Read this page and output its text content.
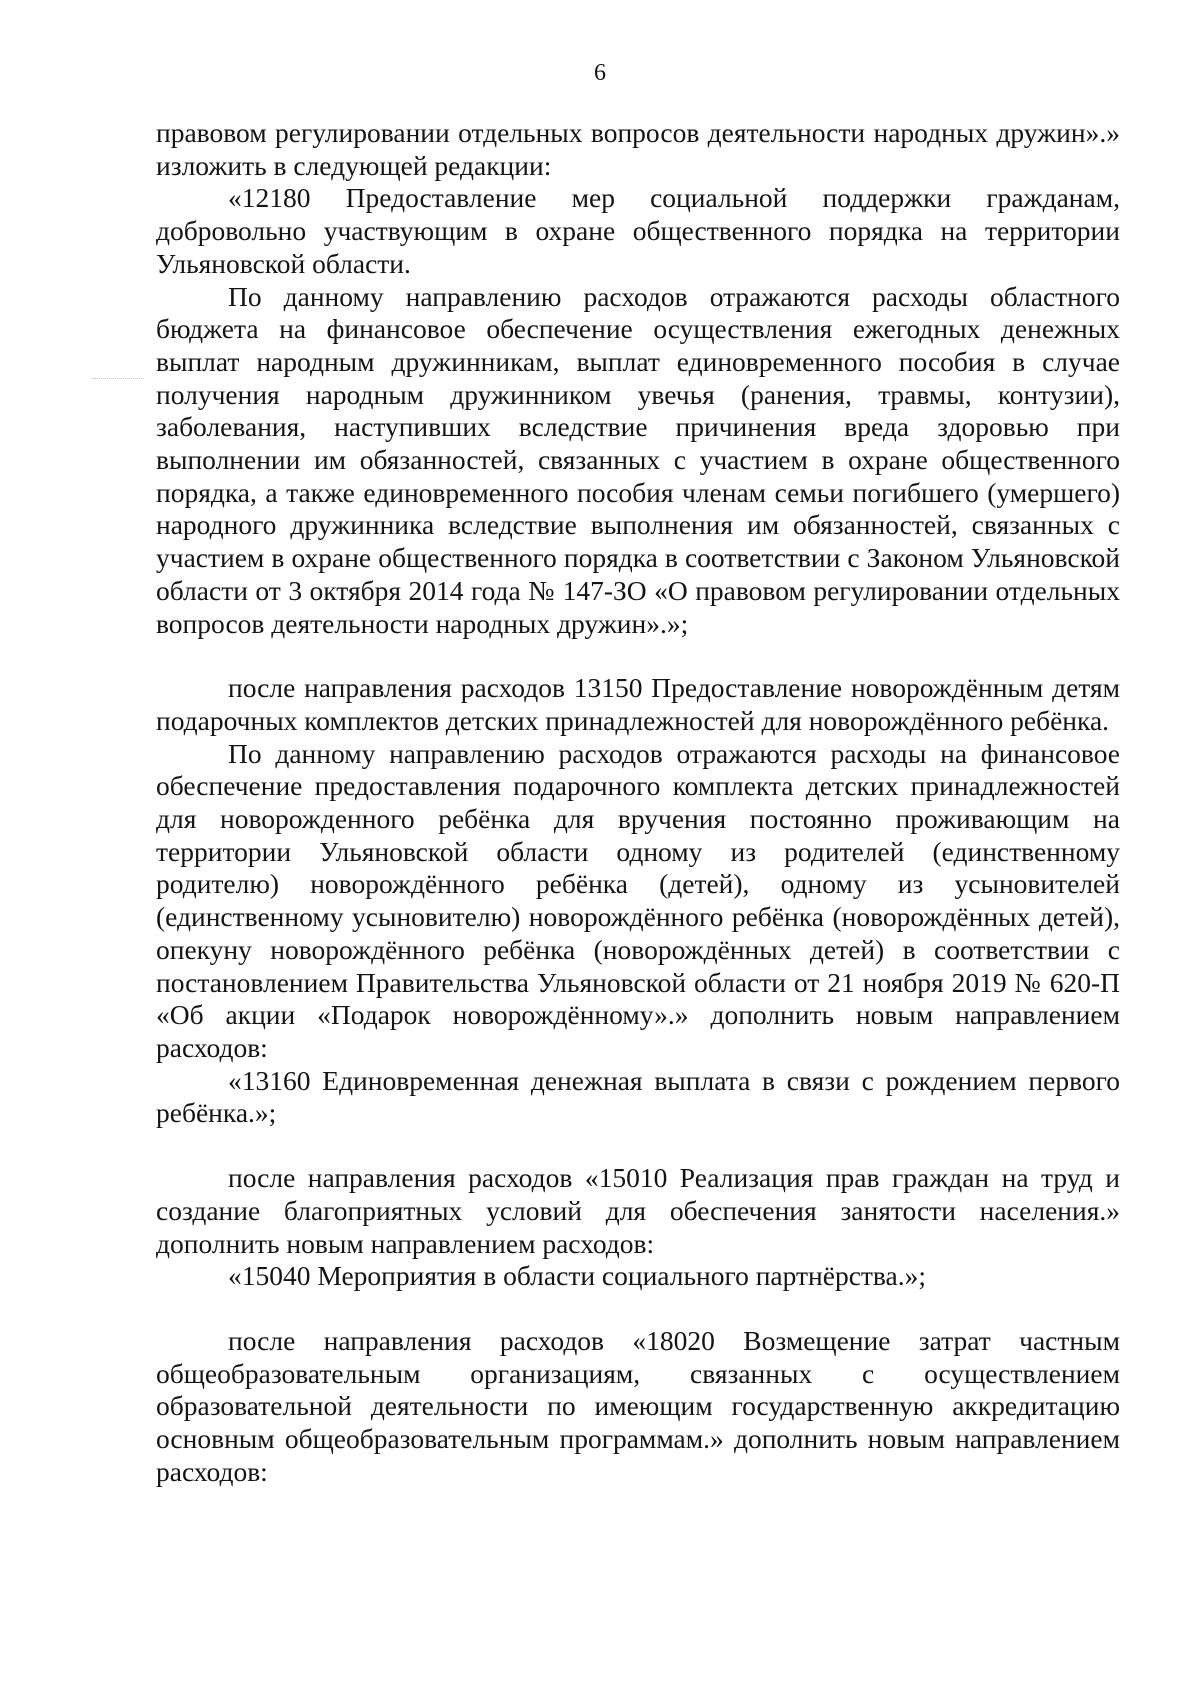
6

правовом регулировании отдельных вопросов деятельности народных дружин».» изложить в следующей редакции:

«12180 Предоставление мер социальной поддержки гражданам, добровольно участвующим в охране общественного порядка на территории Ульяновской области.

По данному направлению расходов отражаются расходы областного бюджета на финансовое обеспечение осуществления ежегодных денежных выплат народным дружинникам, выплат единовременного пособия в случае получения народным дружинником увечья (ранения, травмы, контузии), заболевания, наступивших вследствие причинения вреда здоровью при выполнении им обязанностей, связанных с участием в охране общественного порядка, а также единовременного пособия членам семьи погибшего (умершего) народного дружинника вследствие выполнения им обязанностей, связанных с участием в охране общественного порядка в соответствии с Законом Ульяновской области от 3 октября 2014 года № 147-ЗО «О правовом регулировании отдельных вопросов деятельности народных дружин».»;

после направления расходов 13150 Предоставление новорождённым детям подарочных комплектов детских принадлежностей для новорождённого ребёнка.

По данному направлению расходов отражаются расходы на финансовое обеспечение предоставления подарочного комплекта детских принадлежностей для новорожденного ребёнка для вручения постоянно проживающим на территории Ульяновской области одному из родителей (единственному родителю) новорождённого ребёнка (детей), одному из усыновителей (единственному усыновителю) новорождённого ребёнка (новорождённых детей), опекуну новорождённого ребёнка (новорождённых детей) в соответствии с постановлением Правительства Ульяновской области от 21 ноября 2019 № 620-П «Об акции «Подарок новорождённому».» дополнить новым направлением расходов:

«13160 Единовременная денежная выплата в связи с рождением первого ребёнка.»;

после направления расходов «15010 Реализация прав граждан на труд и создание благоприятных условий для обеспечения занятости населения.» дополнить новым направлением расходов:

«15040 Мероприятия в области социального партнёрства.»;

после направления расходов «18020 Возмещение затрат частным общеобразовательным организациям, связанных с осуществлением образовательной деятельности по имеющим государственную аккредитацию основным общеобразовательным программам.» дополнить новым направлением расходов:
